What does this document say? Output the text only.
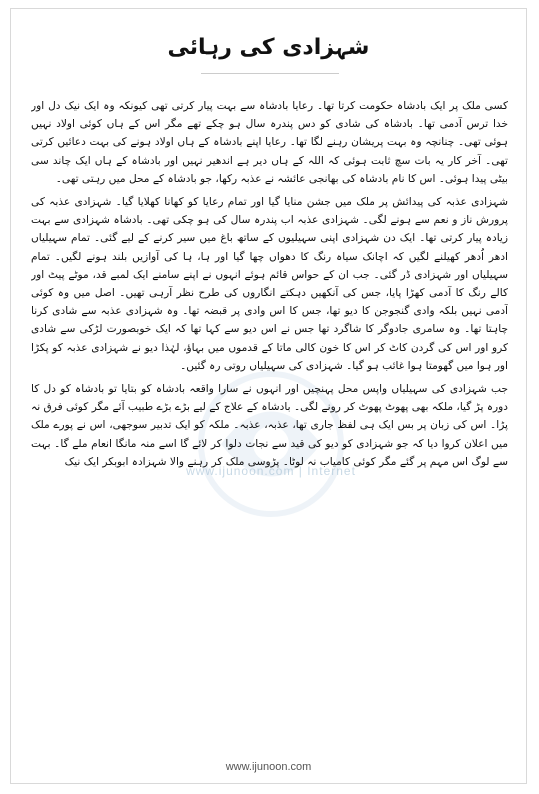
شہزادی کی رہائی
www.ijunoon.com | Internet

کسی ملک پر ایک بادشاہ حکومت کرتا تھا۔ رعایا بادشاہ سے بہت پیار کرتی تھی کیونکہ وہ ایک نیک دل اور خدا ترس آدمی تھا۔ بادشاہ کی شادی کو دس پندرہ سال ہو چکے تھے مگر اس کے ہاں کوئی اولاد نہیں ہوئی تھی۔ چنانچہ وہ بہت پریشان رہنے لگا تھا۔ رعایا اپنے بادشاہ کے ہاں اولاد ہونے کی بہت دعائیں کرتی تھی۔ آخر کار یہ بات سچ ثابت ہوئی کہ اللہ کے ہاں دیر ہے اندھیر نہیں اور بادشاہ کے ہاں ایک چاند سی بیٹی پیدا ہوئی۔ اس کا نام بادشاہ کی بھانجی عائشہ نے عذبہ رکھا، جو بادشاہ کے محل میں رہتی تھی۔

شہزادی عذبہ کی پیدائش پر ملک میں جشن منایا گیا اور تمام رعایا کو کھانا کھلایا گیا۔ شہزادی عذبہ کی پرورش ناز و نعم سے ہونے لگی۔ شہزادی عذبہ اب پندرہ سال کی ہو چکی تھی۔ بادشاہ شہزادی سے بہت زیادہ پیار کرتی تھا۔ ایک دن شہزادی اپنی سہیلیوں کے ساتھ باغ میں سیر کرنے کے لیے گئی۔ تمام سہیلیاں ادھر اُدھر کھیلنے لگیں کہ اچانک سیاہ رنگ کا دھواں چھا گیا اور ہا، ہا کی آوازیں بلند ہونے لگیں۔ تمام سہیلیاں اور شہزادی ڈر گئی۔ جب ان کے حواس قائم ہوئے انہوں نے اپنے سامنے ایک لمبے قد، موٹے پیٹ اور کالے رنگ کا آدمی کھڑا پایا، جس کی آنکھیں دہکتے انگاروں کی طرح نظر آرہی تھیں۔ اصل میں وہ کوئی آدمی نہیں بلکہ وادی گنجوجن کا دیو تھا، جس کا اس وادی پر قبضہ تھا۔ وہ شہزادی عذبہ سے شادی کرنا چاہتا تھا۔ وہ سامری جادوگر کا شاگرد تھا جس نے اس دیو سے کہا تھا کہ ایک خوبصورت لڑکی سے شادی کرو اور اس کی گردن کاٹ کر اس کا خون کالی ماتا کے قدموں میں بہاؤ، لہٰذا دیو نے شہزادی عذبہ کو پکڑا اور ہوا میں گھومتا ہوا غائب ہو گیا۔ شہزادی کی سہیلیاں روتی رہ گئیں۔

جب شہزادی کی سہیلیاں واپس محل پہنچیں اور انہوں نے سارا واقعہ بادشاہ کو بتایا تو بادشاہ کو دل کا دورہ پڑ گیا، ملکہ بھی پھوٹ پھوٹ کر رونے لگی۔ بادشاہ کے علاج کے لیے بڑے بڑے طبیب آئے مگر کوئی فرق نہ پڑا۔ اس کی زبان پر بس ایک ہی لفظ جاری تھا، عذبہ، عذبہ۔ ملکہ کو ایک تدبیر سوجھی، اس نے پورے ملک میں اعلان کروا دیا کہ جو شہزادی کو دیو کی قید سے نجات دلوا کر لائے گا اسے منہ مانگا انعام ملے گا۔ بہت سے لوگ اس مہم پر گئے مگر کوئی کامیاب نہ لوٹا۔ پڑوسی ملک کر رہنے والا شہزادہ ابوبکر ایک نیک

www.ijunoon.com
